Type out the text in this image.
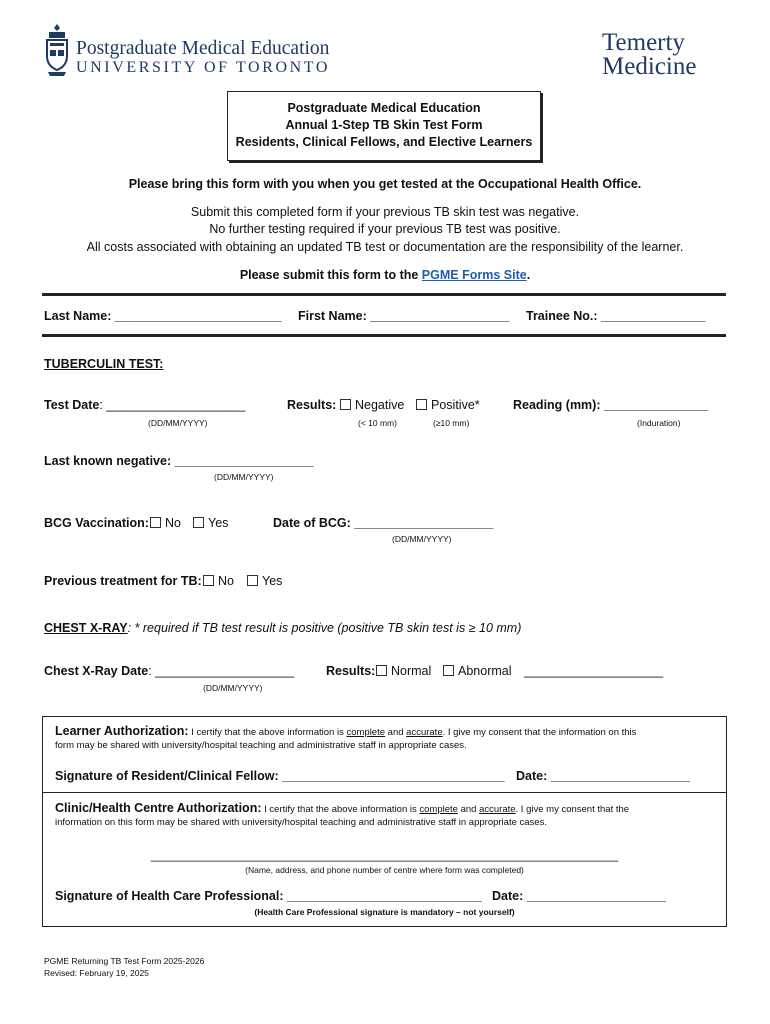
Postgraduate Medical Education
UNIVERSITY OF TORONTO
Temerty
Medicine
Postgraduate Medical Education
Annual 1-Step TB Skin Test Form
Residents, Clinical Fellows, and Elective Learners
Please bring this form with you when you get tested at the Occupational Health Office.
Submit this completed form if your previous TB skin test was negative.
No further testing required if your previous TB test was positive.
All costs associated with obtaining an updated TB test or documentation are the responsibility of the learner.
Please submit this form to the PGME Forms Site.
Last Name: ________________________ First Name: ____________________ Trainee No.: _______________
TUBERCULIN TEST:
Test Date: ____________________
(DD/MM/YYYY)
Results:	Negative	Positive*
(< 10 mm)	(≥10 mm)
Reading (mm): _______________
(Induration)
Last known negative: ____________________
(DD/MM/YYYY)
BCG Vaccination:	No	Yes	Date of BCG: ____________________
(DD/MM/YYYY)
Previous treatment for TB:	No	Yes
CHEST X-RAY: * required if TB test result is positive (positive TB skin test is ≥ 10 mm)
Chest X-Ray Date: ____________________
(DD/MM/YYYY)
Results:	Normal	Abnormal ____________________
Learner Authorization: I certify that the above information is complete and accurate. I give my consent that the information on this
form may be shared with university/hospital teaching and administrative staff in appropriate cases.
Signature of Resident/Clinical Fellow: ________________________________ Date: ____________________
Clinic/Health Centre Authorization: I certify that the above information is complete and accurate. I give my consent that the
information on this form may be shared with university/hospital teaching and administrative staff in appropriate cases.
______________________________________________________________________
(Name, address, and phone number of centre where form was completed)
Signature of Health Care Professional: ____________________________ Date: ____________________
(Health Care Professional signature is mandatory – not yourself)
PGME Returning TB Test Form 2025-2026
Revised: February 19, 2025
